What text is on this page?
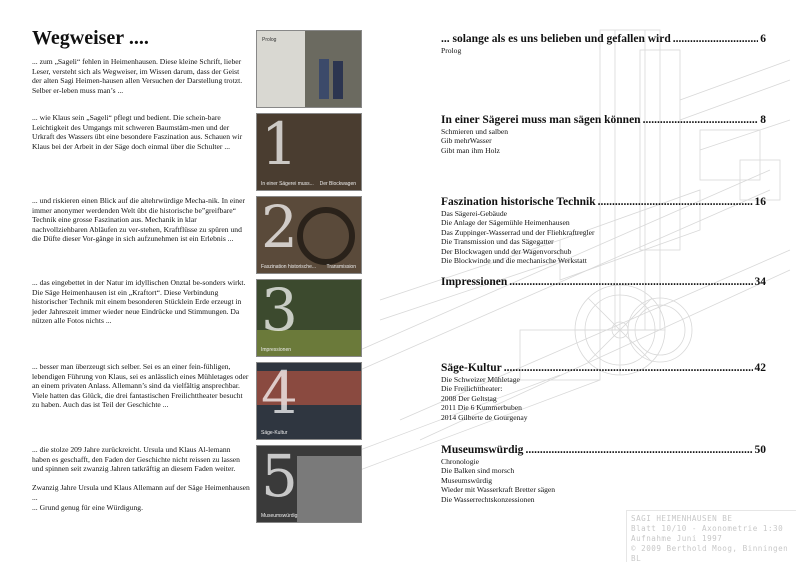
Wegweiser ....

... zum „Sageli“ fehlen in Heimenhausen. Diese kleine Schrift, lieber Leser, versteht sich als Wegweiser, im Wissen darum, dass der Geist der alten Sagi Heimen-hausen allen Versuchen der Darstellung trotzt. Selber er-leben muss man’s ...

... wie Klaus sein „Sageli“ pflegt und bedient. Die schein-bare Leichtigkeit des Umgangs mit schweren Baumstäm-men und der Urkraft des Wassers übt eine besondere Faszination aus. Schauen wir Klaus bei der Arbeit in der Säge doch einmal über die Schulter ...

... und riskieren einen Blick auf die altehrwürdige Mecha-nik. In einer immer anonymer werdenden Welt übt die historische be”greifbare“ Technik eine grosse Faszination aus. Mechanik in klar nachvollziehbaren Abläufen zu ver-stehen, Kraftflüsse zu spüren und die Düfte dieser Vor-gänge in sich aufzunehmen ist ein Erlebnis ...

... das eingebettet in der Natur im idyllischen Onztal be-sonders wirkt. Die Säge Heimenhausen ist ein „Kraftort“. Diese Verbindung historischer Technik mit einem besonderen Stücklein Erde erzeugt in jeder Jahreszeit immer wieder neue Eindrücke und Stimmungen. Da nützen alle Fotos nichts ...

... besser man überzeugt sich selber. Sei es an einer fein-fühligen, lebendigen Führung von Klaus, sei es anlässlich eines Mühletages oder an einem privaten Anlass. Allemann’s sind da vielfältig ansprechbar. Viele hatten das Glück, die drei fantastischen Freilichttheater besucht zu haben. Auch das ist Teil der Geschichte ...

... die stolze 209 Jahre zurückreicht. Ursula und Klaus Al-lemann haben es geschafft, den Faden der Geschichte nicht reissen zu lassen und spinnen seit zwanzig Jahren tatkräftig an diesem Faden weiter.

Zwanzig Jahre Ursula und Klaus Allemann auf der Säge Heimenhausen ...
... Grund genug für eine Würdigung.

Prolog
1
In einer Sägerei muss... Der Blockwagen
2
Faszination historische... Transmission
3
Impressionen
4
Säge-Kultur
5
Museumswürdig
... solange als es uns belieben und gefallen wird .....	6
Prolog
In einer Sägerei muss man sägen können .....	8
Schmieren und salben
Gib mehrWasser
Gibt man ihm Holz
Faszination historische Technik .....	16
Das Sägerei-Gebäude
Die Anlage der Sägemühle Heimenhausen
Das Zuppinger-Wasserrad und der Fliehkraftregler
Die Transmission und das Sägegatter
Der Blockwagen undd der Wagenvorschub
Die Blockwinde und die mechanische Werkstatt
Impressionen .....	34
Säge-Kultur .....	42
Die Schweizer Mühletage
Die Freilichttheater:
2008 Der Geltstag
2011 Die 6 Kummerbuben
2014 Gilberte de Gourgenay
Museumswürdig .....	50
Chronologie
Die Balken sind morsch
Museumswürdig
Wieder mit Wasserkraft Bretter sägen
Die Wasserrechtskonzessionen
SAGI HEIMENHAUSEN BE
Blatt 10/10 - Axonometrie 1:30
Aufnahme Juni 1997
© 2009 Berthold Moog, Binningen BL
